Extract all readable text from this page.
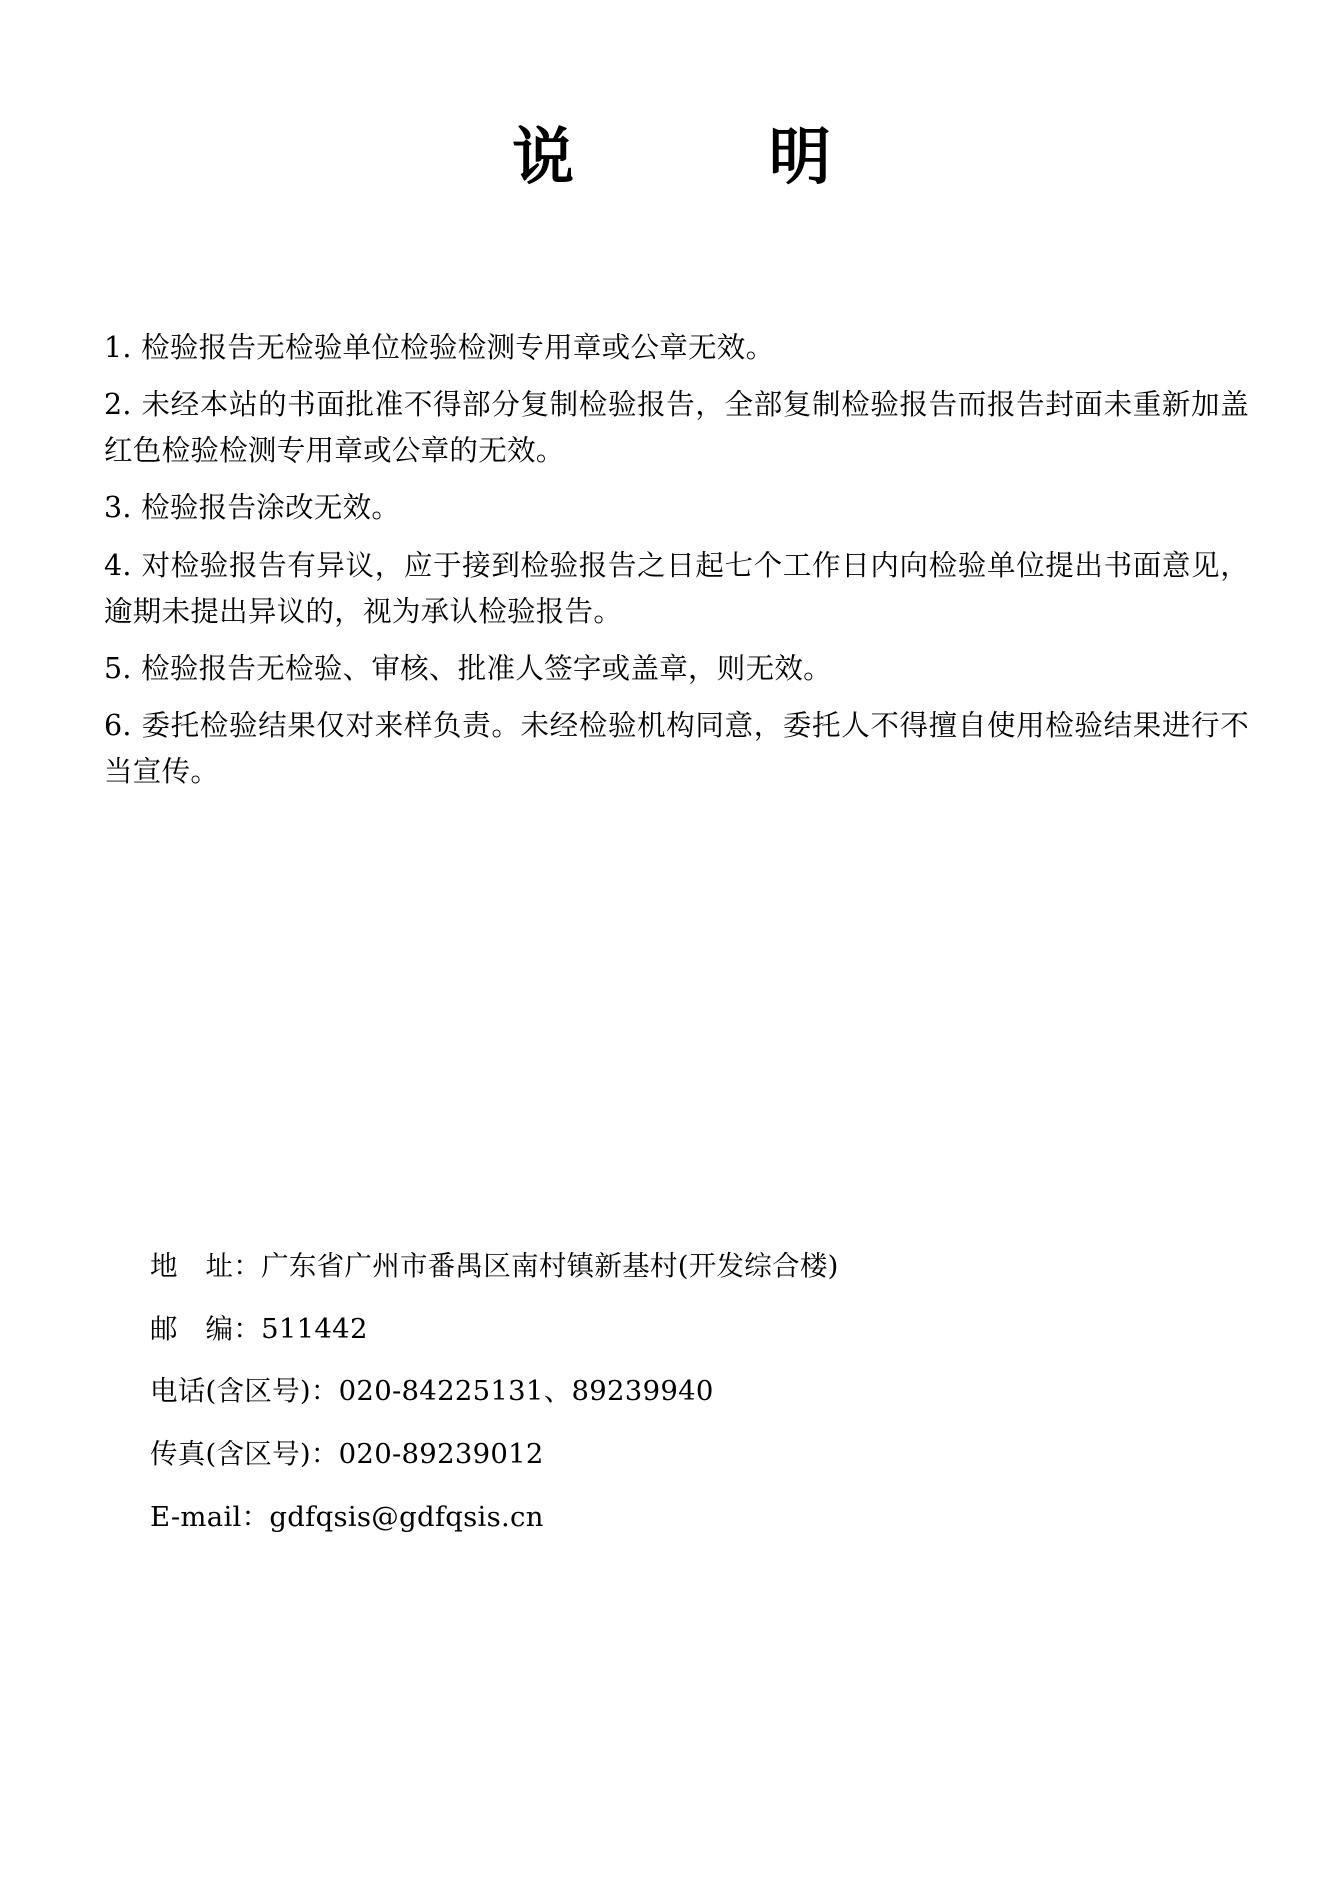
说　　明

1. 检验报告无检验单位检验检测专用章或公章无效。

2. 未经本站的书面批准不得部分复制检验报告，全部复制检验报告而报告封面未重新加盖红色检验检测专用章或公章的无效。

3. 检验报告涂改无效。

4. 对检验报告有异议，应于接到检验报告之日起七个工作日内向检验单位提出书面意见，逾期未提出异议的，视为承认检验报告。

5. 检验报告无检验、审核、批准人签字或盖章，则无效。

6. 委托检验结果仅对来样负责。未经检验机构同意，委托人不得擅自使用检验结果进行不当宣传。

地　址：广东省广州市番禺区南村镇新基村(开发综合楼)

邮　编：511442

电话(含区号)：020-84225131、89239940

传真(含区号)：020-89239012

E-mail：gdfqsis@gdfqsis.cn
